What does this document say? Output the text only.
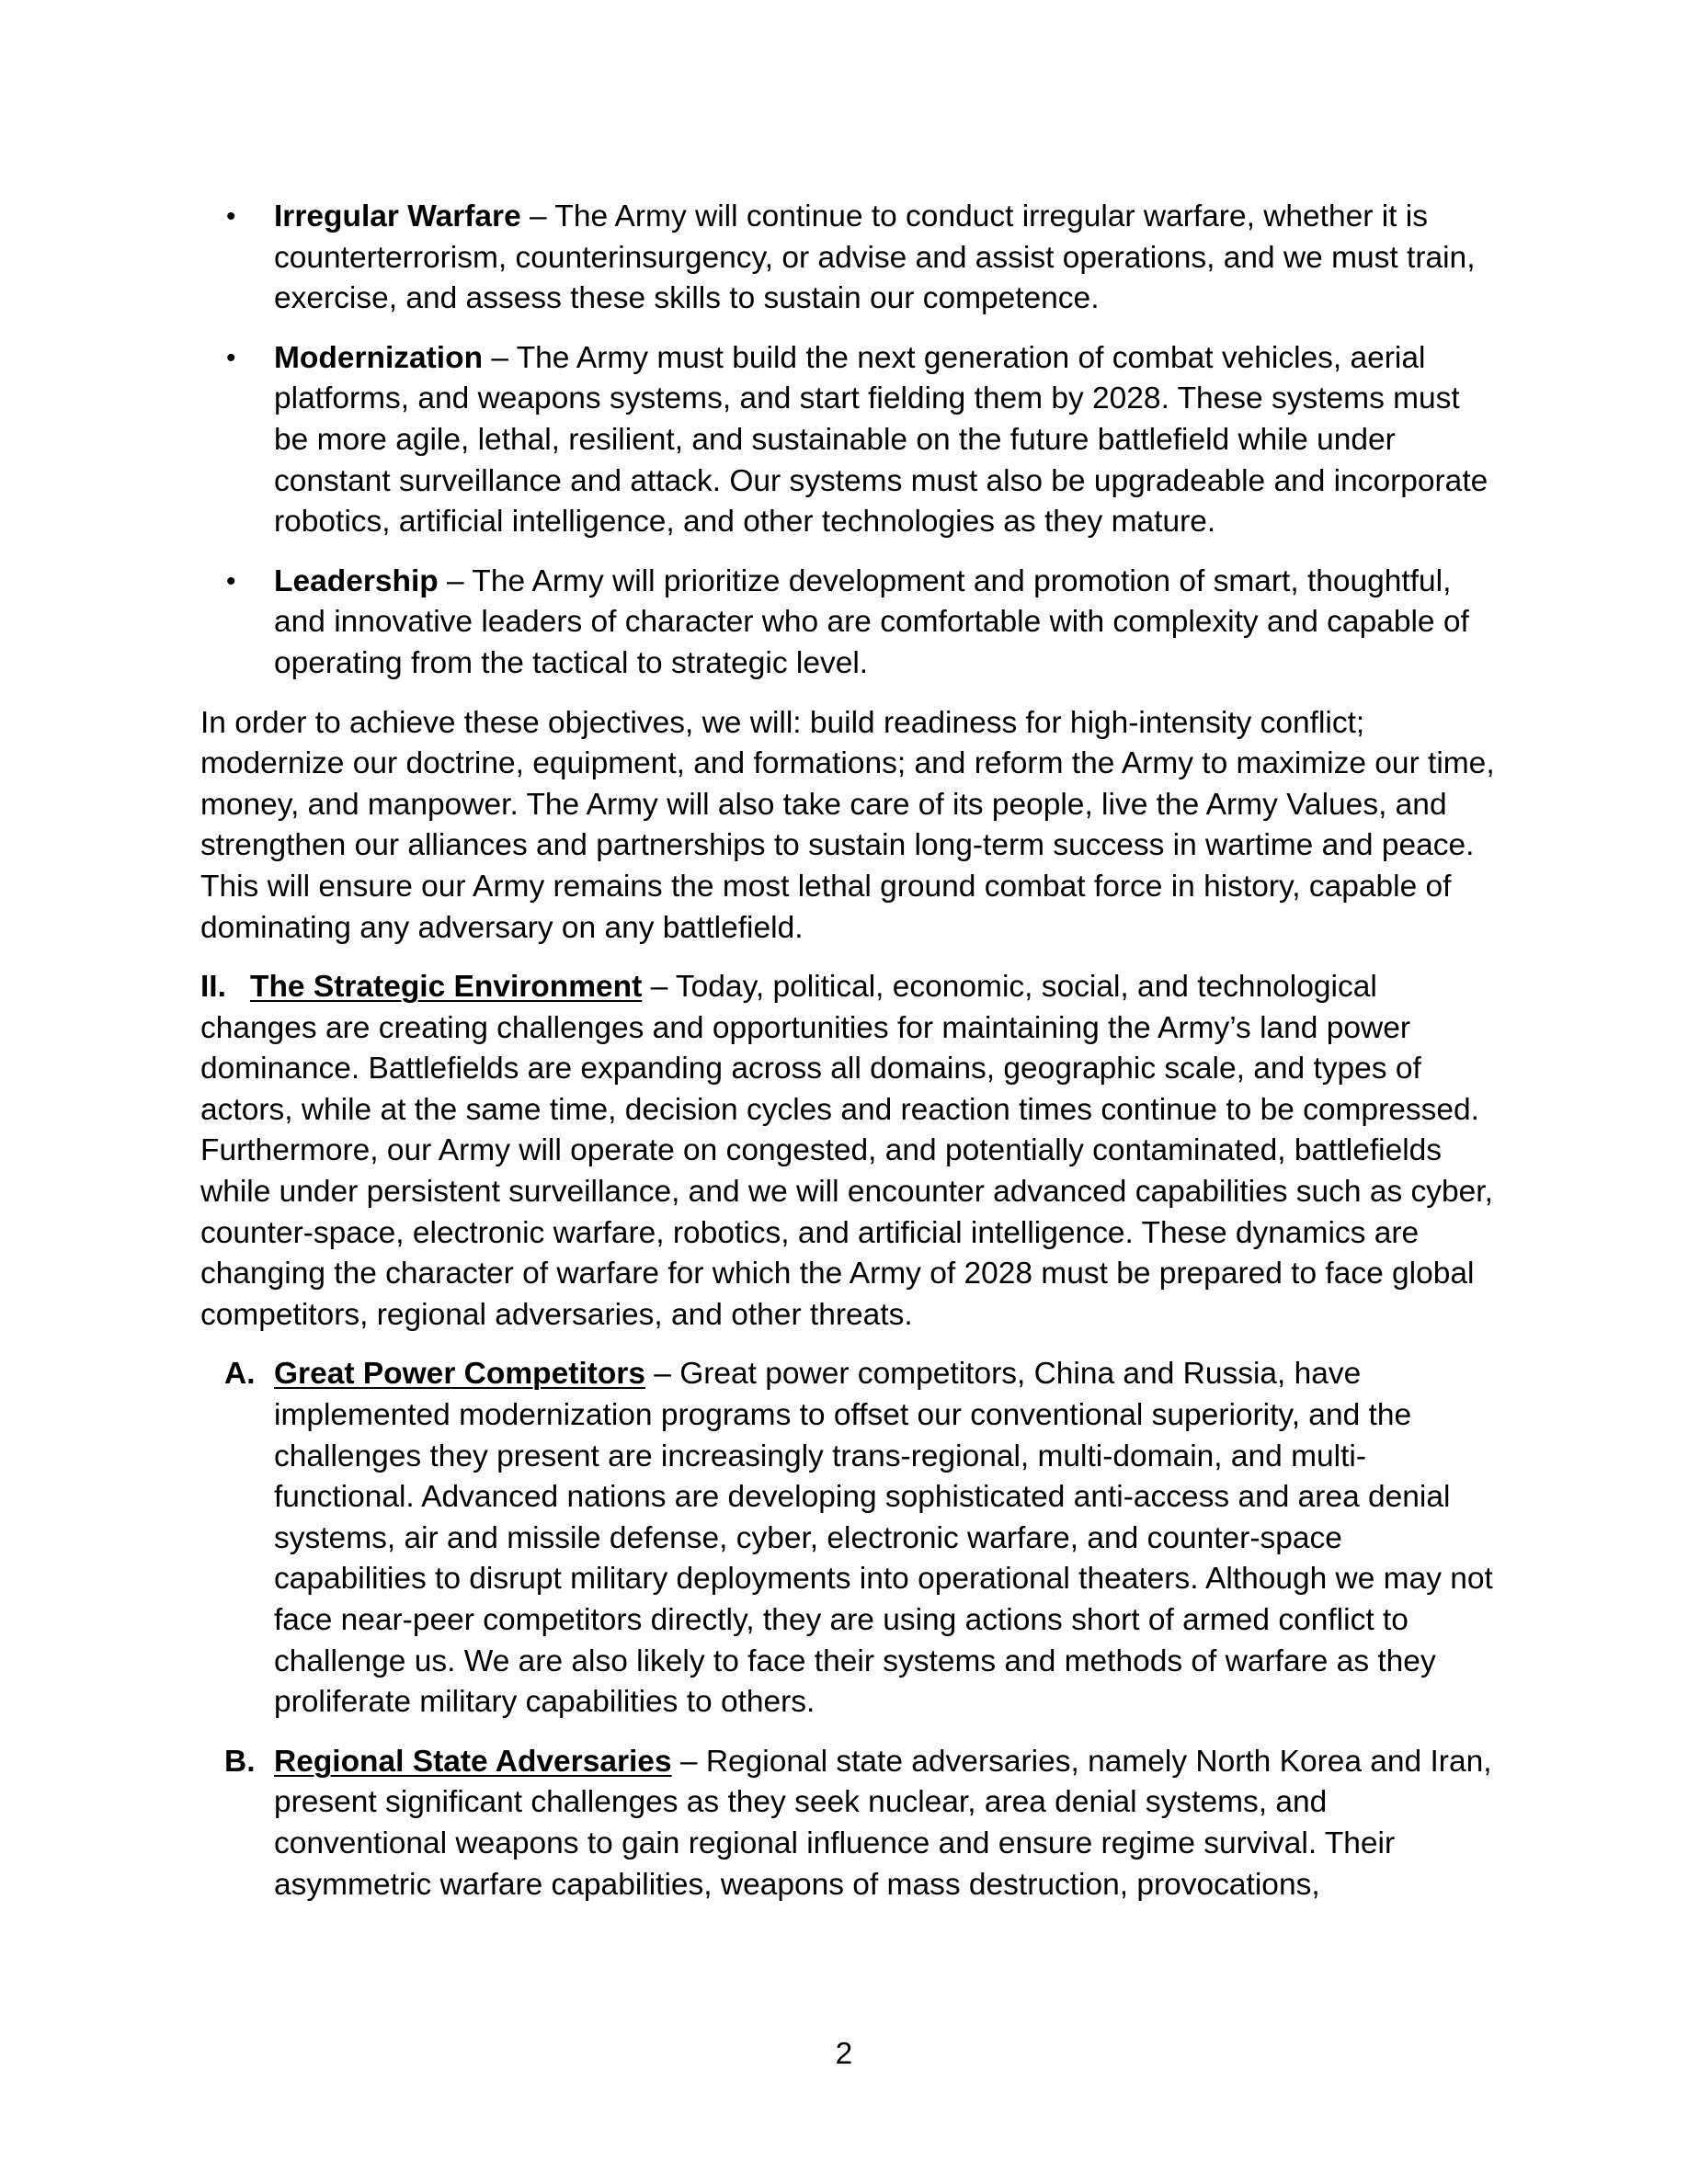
• Irregular Warfare – The Army will continue to conduct irregular warfare, whether it is counterterrorism, counterinsurgency, or advise and assist operations, and we must train, exercise, and assess these skills to sustain our competence.
• Modernization – The Army must build the next generation of combat vehicles, aerial platforms, and weapons systems, and start fielding them by 2028. These systems must be more agile, lethal, resilient, and sustainable on the future battlefield while under constant surveillance and attack. Our systems must also be upgradeable and incorporate robotics, artificial intelligence, and other technologies as they mature.
• Leadership – The Army will prioritize development and promotion of smart, thoughtful, and innovative leaders of character who are comfortable with complexity and capable of operating from the tactical to strategic level.

In order to achieve these objectives, we will: build readiness for high-intensity conflict; modernize our doctrine, equipment, and formations; and reform the Army to maximize our time, money, and manpower. The Army will also take care of its people, live the Army Values, and strengthen our alliances and partnerships to sustain long-term success in wartime and peace. This will ensure our Army remains the most lethal ground combat force in history, capable of dominating any adversary on any battlefield.

II. The Strategic Environment – Today, political, economic, social, and technological changes are creating challenges and opportunities for maintaining the Army’s land power dominance. Battlefields are expanding across all domains, geographic scale, and types of actors, while at the same time, decision cycles and reaction times continue to be compressed. Furthermore, our Army will operate on congested, and potentially contaminated, battlefields while under persistent surveillance, and we will encounter advanced capabilities such as cyber, counter-space, electronic warfare, robotics, and artificial intelligence. These dynamics are changing the character of warfare for which the Army of 2028 must be prepared to face global competitors, regional adversaries, and other threats.
A. Great Power Competitors – Great power competitors, China and Russia, have implemented modernization programs to offset our conventional superiority, and the challenges they present are increasingly trans-regional, multi-domain, and multi-functional. Advanced nations are developing sophisticated anti-access and area denial systems, air and missile defense, cyber, electronic warfare, and counter-space capabilities to disrupt military deployments into operational theaters. Although we may not face near-peer competitors directly, they are using actions short of armed conflict to challenge us. We are also likely to face their systems and methods of warfare as they proliferate military capabilities to others.
B. Regional State Adversaries – Regional state adversaries, namely North Korea and Iran, present significant challenges as they seek nuclear, area denial systems, and conventional weapons to gain regional influence and ensure regime survival. Their asymmetric warfare capabilities, weapons of mass destruction, provocations,
2
